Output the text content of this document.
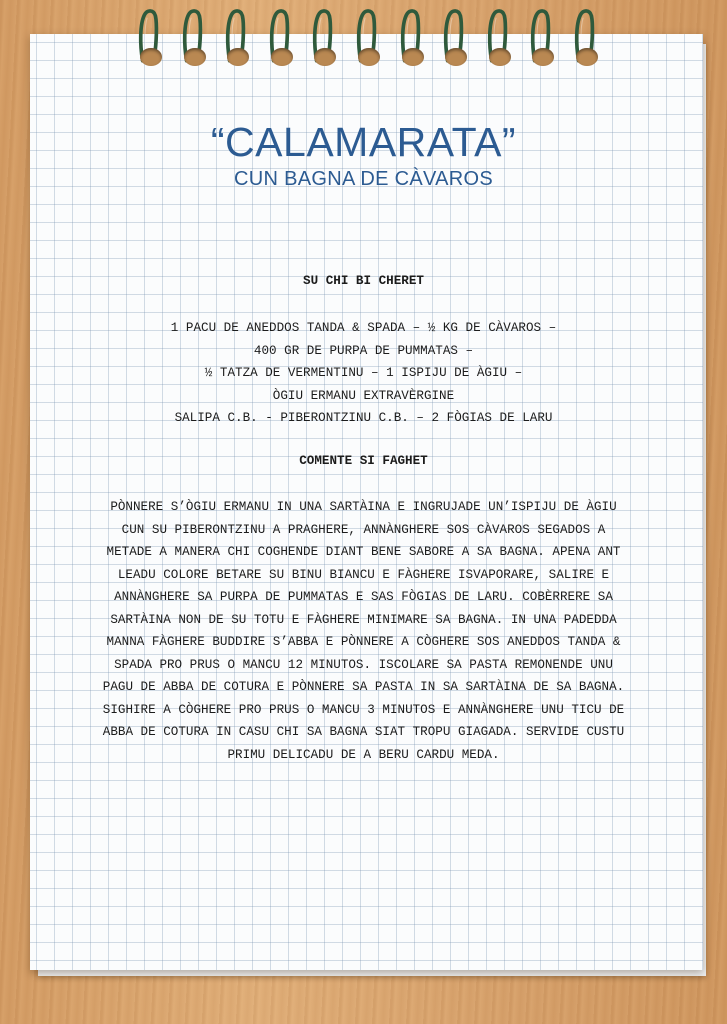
“CALAMARATA”
CUN BAGNA DE CÀVAROS
SU CHI BI CHERET
1 PACU DE ANEDDOS TANDA & SPADA – ½ KG DE CÀVAROS –
400 GR DE PURPA DE PUMMATAS –
½ TATZA DE VERMENTINU – 1 ISPIJU DE ÀGIU –
ÒGIU ERMANU EXTRAVÈRGINE
SALIPA C.B. - PIBERONTZINU C.B. – 2 FÒGIAS DE LARU
COMENTE SI FAGHET
PÒNNERE S’ÒGIU ERMANU IN UNA SARTÀINA E INGRUJADE UN’ISPIJU DE ÀGIU
CUN SU PIBERONTZINU A PRAGHERE, ANNÀNGHERE SOS CÀVAROS SEGADOS A
METADE A MANERA CHI COGHENDE DIANT BENE SABORE A SA BAGNA. APENA ANT
LEADU COLORE BETARE SU BINU BIANCU E FÀGHERE ISVAPORARE, SALIRE E
ANNÀNGHERE SA PURPA DE PUMMATAS E SAS FÒGIAS DE LARU. COBÈRRERE SA
SARTÀINA NON DE SU TOTU E FÀGHERE MINIMARE SA BAGNA. IN UNA PADEDDA
MANNA FÀGHERE BUDDIRE S’ABBA E PÒNNERE A CÒGHERE SOS ANEDDOS TANDA &
SPADA PRO PRUS O MANCU 12 MINUTOS. ISCOLARE SA PASTA REMONENDE UNU
PAGU DE ABBA DE COTURA E PÒNNERE SA PASTA IN SA SARTÀINA DE SA BAGNA.
SIGHIRE A CÒGHERE PRO PRUS O MANCU 3 MINUTOS E ANNÀNGHERE UNU TICU DE
ABBA DE COTURA IN CASU CHI SA BAGNA SIAT TROPU GIAGADA. SERVIDE CUSTU
PRIMU DELICADU DE A BERU CARDU MEDA.
